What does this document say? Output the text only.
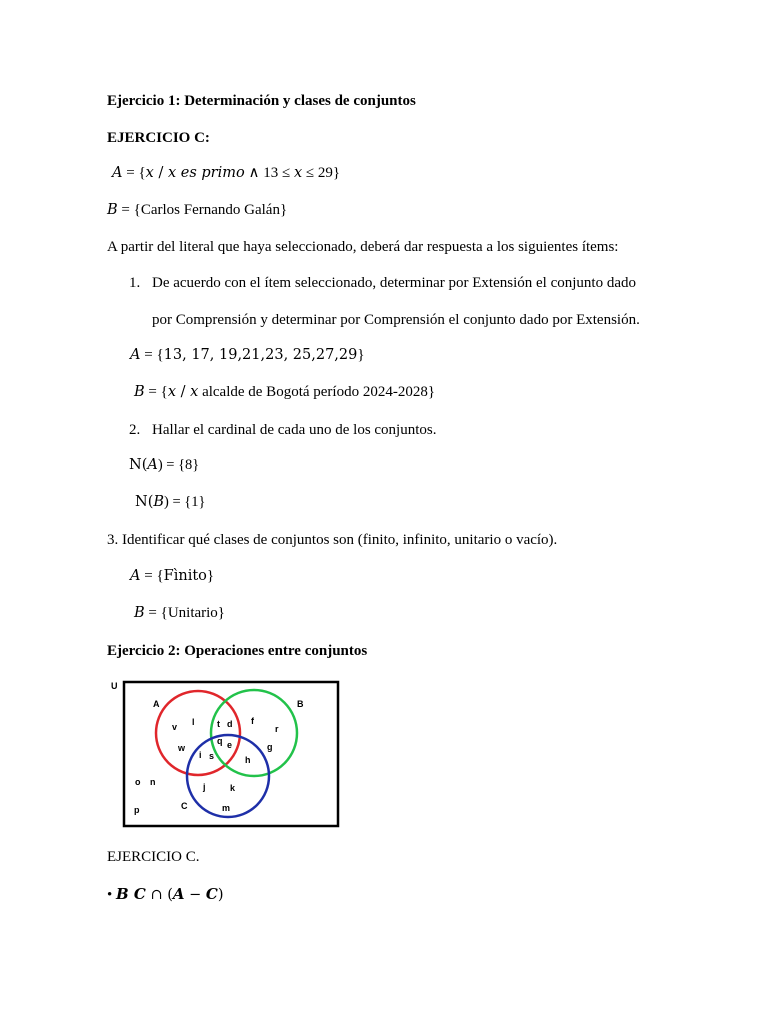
Ejercicio 1: Determinación y clases de conjuntos
EJERCICIO C:
A = {x / x es primo ∧ 13 ≤ x ≤ 29}
B = {Carlos Fernando Galán}
A partir del literal que haya seleccionado, deberá dar respuesta a los siguientes ítems:
1. De acuerdo con el ítem seleccionado, determinar por Extensión el conjunto dado
por Comprensión y determinar por Comprensión el conjunto dado por Extensión.
A = {13, 17, 19,21,23, 25,27,29}
B = {x / x alcalde de Bogotá período 2024-2028}
2. Hallar el cardinal de cada uno de los conjuntos.
N(A) = {8}
N(B) = {1}
3. Identificar qué clases de conjuntos son (finito, infinito, unitario o vacío).
A = {Fìnito}
B = {Unitario}
Ejercicio 2: Operaciones entre conjuntos
U
A	B
C
v l
w
t d f
r
g
q e
i s	h
j	k
m
o n
p
EJERCICIO C.
• B C ∩ (A − C)
